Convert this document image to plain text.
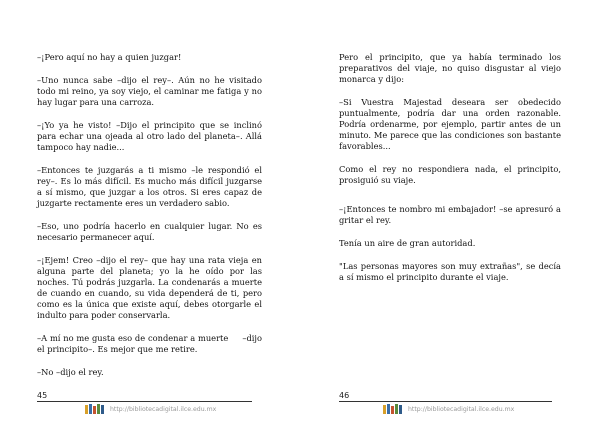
–¡Pero aquí no hay a quien juzgar!

–Uno nunca sabe –dijo el rey–. Aún no he visitado todo mi reino, ya soy viejo, el caminar me fatiga y no hay lugar para una carroza.

–¡Yo ya he visto! –Dijo el principito que se inclinó para echar una ojeada al otro lado del planeta–. Allá tampoco hay nadie...

–Entonces te juzgarás a ti mismo –le respondió el rey–. Es lo más difícil. Es mucho más difícil juzgarse a sí mismo, que juzgar a los otros. Si eres capaz de juzgarte rectamente eres un verdadero sabio.

–Eso, uno podría hacerlo en cualquier lugar. No es necesario permanecer aquí.

–¡Ejem! Creo –dijo el rey– que hay una rata vieja en alguna parte del planeta; yo la he oído por las noches. Tú podrás juzgarla. La condenarás a muerte de cuando en cuando, su vida dependerá de ti, pero como es la única que existe aquí, debes otorgarle el indulto para poder conservarla.

–A mí no me gusta eso de condenar a muerte –dijo el principito–. Es mejor que me retire.

–No –dijo el rey.

45
http://bibliotecadigital.ilce.edu.mx

Pero el principito, que ya había terminado los preparativos del viaje, no quiso disgustar al viejo monarca y dijo:

–Si Vuestra Majestad deseara ser obedecido puntualmente, podría dar una orden razonable. Podría ordenarme, por ejemplo, partir antes de un minuto. Me parece que las condiciones son bastante favorables...

Como el rey no respondiera nada, el principito, prosiguió su viaje.

–¡Entonces te nombro mi embajador! –se apresuró a gritar el rey.

Tenía un aire de gran autoridad.

"Las personas mayores son muy extrañas", se decía a sí mismo el principito durante el viaje.

46
http://bibliotecadigital.ilce.edu.mx
